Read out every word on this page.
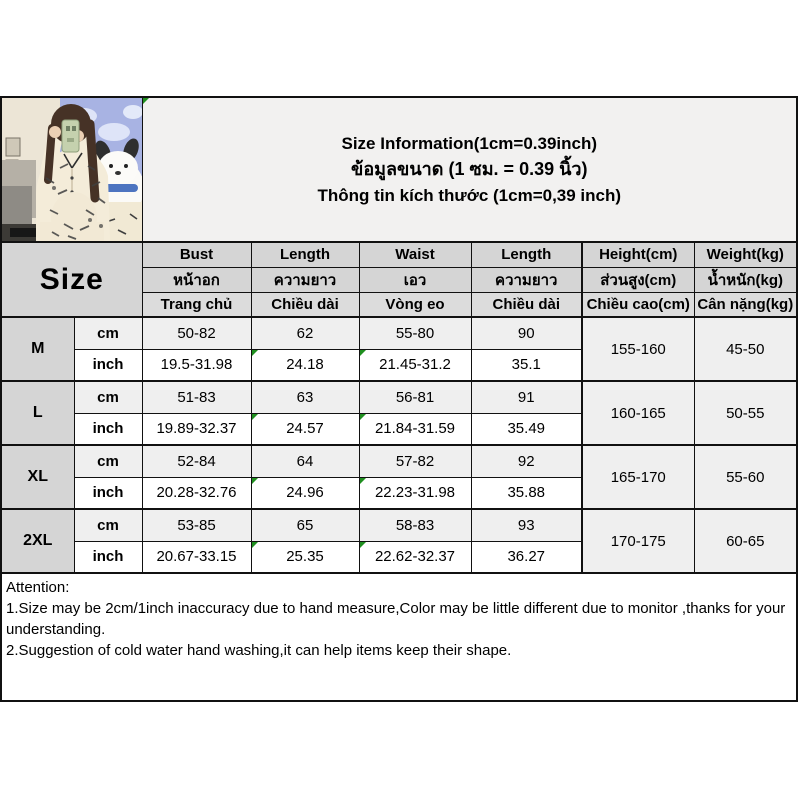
Size Information(1cm=0.39inch)
ข้อมูลขนาด (1 ซม. = 0.39 นิ้ว)
Thông tin kích thước (1cm=0,39 inch)					

Size		Bust	Length	Waist	Length	Height(cm)	Weight(kg)
		หน้าอก	ความยาว	เอว	ความยาว	ส่วนสูง(cm)	น้ำหนัก(kg)
		Trang chủ	Chiều dài	Vòng eo	Chiều dài	Chiều cao(cm)	Cân nặng(kg)
M	cm	50-82	62	55-80	90	155-160	45-50
	inch	19.5-31.98	24.18	21.45-31.2	35.1		
L	cm	51-83	63	56-81	91	160-165	50-55
	inch	19.89-32.37	24.57	21.84-31.59	35.49		
XL	cm	52-84	64	57-82	92	165-170	55-60
	inch	20.28-32.76	24.96	22.23-31.98	35.88		
2XL	cm	53-85	65	58-83	93	170-175	60-65
	inch	20.67-33.15	25.35	22.62-32.37	36.27		

Attention:

1.Size may be 2cm/1inch inaccuracy due to hand measure,Color may be little different due to monitor ,thanks for your understanding.

2.Suggestion of cold water hand washing,it can help items keep their shape.
